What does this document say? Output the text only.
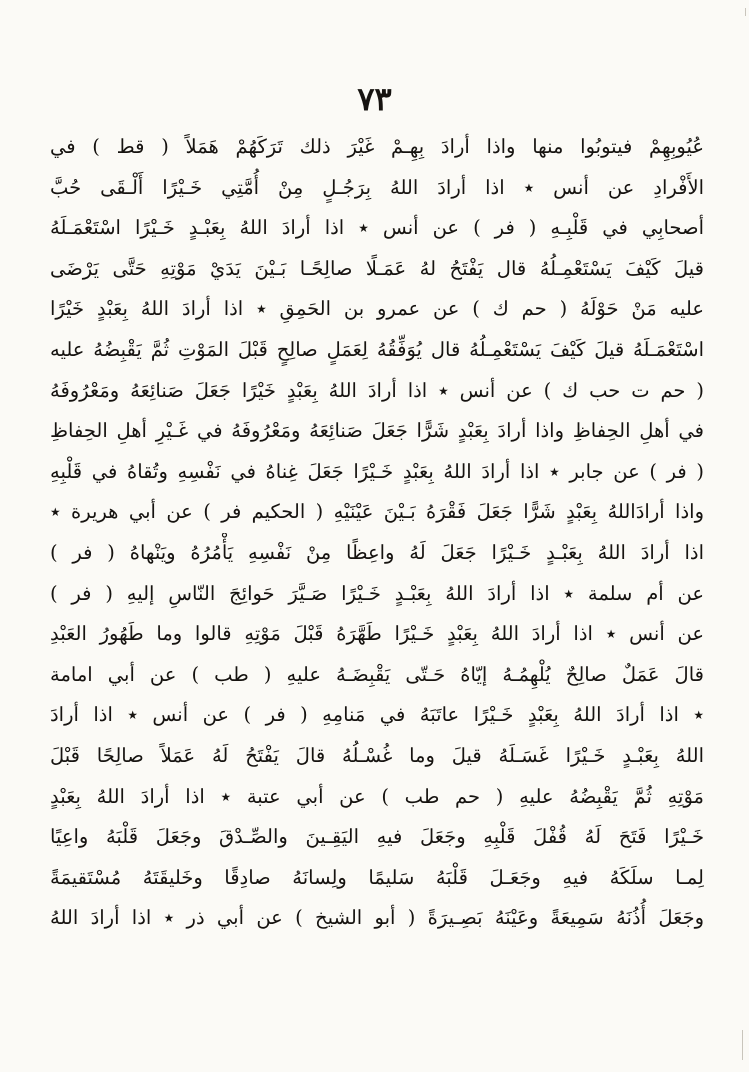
٧٣
عُيُوبِهِمْ فيتوبُوا منها واذا أرادَ بِهِـمْ غَيْرَ ذلك تَرَكَهُمْ هَمَلاً ( قط ) في
الأَفْرادِ عن أنس ٭ اذا أرادَ اللهُ بِرَجُـلٍ مِنْ أُمَّتِي خَـيْرًا أَلْـقَى حُبَّ
أصحابِي في قَلْبِـهِ ( فر ) عن أنس ٭ اذا أرادَ اللهُ بِعَبْـدٍ خَـيْرًا اسْتَعْمَـلَهُ
قيلَ كَيْفَ يَسْتَعْمِـلُهُ قال يَفْتَحُ لهُ عَمَـلًا صالِحًـا بَـيْنَ يَدَيْ مَوْتِهِ حَتَّى يَرْضَى
عليه مَنْ حَوْلَهُ ( حم ك ) عن عمرو بن الحَمِقِ ٭ اذا أرادَ اللهُ بِعَبْدٍ خَيْرًا
اسْتَعْمَـلَهُ قيلَ كَيْفَ يَسْتَعْمِـلُهُ قال يُوَفِّقُهُ لِعَمَلٍ صالِحٍ قَبْلَ المَوْتِ ثُمَّ يَقْبِضُهُ عليه
( حم ت حب ك ) عن أنس ٭ اذا أرادَ اللهُ بِعَبْدٍ خَيْرًا جَعَلَ صَنائِعَهُ ومَعْرُوفَهُ
في أهلِ الحِفاظِ واذا أرادَ بِعَبْدٍ شَرًّا جَعَلَ صَنائِعَهُ ومَعْرُوفَهُ في غَـيْرِ أهلِ الحِفاظِ
( فر ) عن جابر ٭ اذا أرادَ اللهُ بِعَبْدٍ خَـيْرًا جَعَلَ غِناهُ في نَفْسِهِ وتُقاهُ في قَلْبِهِ
واذا أرادَاللهُ بِعَبْدٍ شَرًّا جَعَلَ فَقْرَهُ بَـيْنَ عَيْنَيْهِ ( الحكيم فر ) عن أبي هريرة ٭
اذا أرادَ اللهُ بِعَبْـدٍ خَـيْرًا جَعَلَ لَهُ واعِظًا مِنْ نَفْسِهِ يَأْمُرُهُ ويَنْهاهُ ( فر )
عن أم سلمة ٭ اذا أرادَ اللهُ بِعَبْـدٍ خَـيْرًا صَـيَّرَ حَوائِجَ النّاسِ إليهِ ( فر )
عن أنس ٭ اذا أرادَ اللهُ بِعَبْدٍ خَـيْرًا طَهَّرَهُ قَبْلَ مَوْتِهِ قالوا وما طَهُورُ العَبْدِ
قالَ عَمَلٌ صالِحٌ يُلْهِمُـهُ إيّاهُ حَـتّى يَقْبِضَـهُ عليهِ ( طب ) عن أبي امامة
٭ اذا أرادَ اللهُ بِعَبْدٍ خَـيْرًا عاتَبَهُ في مَنامِهِ ( فر ) عن أنس ٭ اذا أرادَ
اللهُ بِعَبْـدٍ خَـيْرًا غَسَـلَهُ قيلَ وما غُسْـلُهُ قالَ يَفْتَحُ لَهُ عَمَلاً صالِحًا قَبْلَ
مَوْتِهِ ثُمَّ يَقْبِضُهُ عليهِ ( حم طب ) عن أبي عتبة ٭ اذا أرادَ اللهُ بِعَبْدٍ
خَـيْرًا فَتَحَ لَهُ قُفْلَ قَلْبِهِ وجَعَلَ فيهِ اليَقِـينَ والصِّـدْقَ وجَعَلَ قَلْبَهُ واعِيًا
لِمـا سلَكَهُ فيهِ وجَعَـلَ قَلْبَهُ سَليمًا ولِسانَهُ صادِقًا وخَليقَتَهُ مُسْتَقيمَةً
وجَعَلَ أُذُنَهُ سَمِيعَةً وعَيْنَهُ بَصِـيرَةً ( أبو الشيخ ) عن أبي ذر ٭ اذا أرادَ اللهُ
